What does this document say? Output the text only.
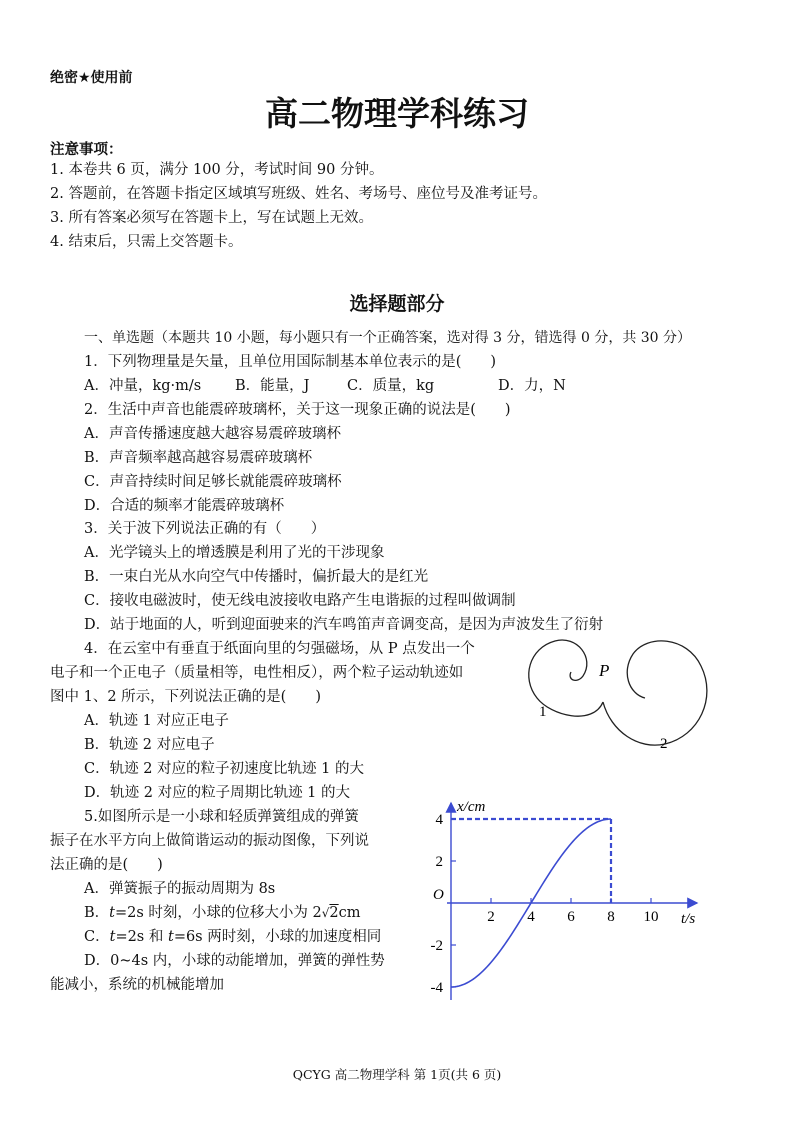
绝密★使用前
高二物理学科练习
注意事项：
1. 本卷共 6 页，满分 100 分，考试时间 90 分钟。
2. 答题前，在答题卡指定区域填写班级、姓名、考场号、座位号及准考证号。
3. 所有答案必须写在答题卡上，写在试题上无效。
4. 结束后，只需上交答题卡。
选择题部分
一、单选题（本题共 10 小题，每小题只有一个正确答案，选对得 3 分，错选得 0 分，共 30 分）
1．下列物理量是矢量，且单位用国际制基本单位表示的是(　　)
A．冲量，kg·m/s B．能量，J	C．质量，kg	D．力，N
2．生活中声音也能震碎玻璃杯，关于这一现象正确的说法是(　　)
A．声音传播速度越大越容易震碎玻璃杯
B．声音频率越高越容易震碎玻璃杯
C．声音持续时间足够长就能震碎玻璃杯
D．合适的频率才能震碎玻璃杯
3．关于波下列说法正确的有（　　）
A．光学镜头上的增透膜是利用了光的干涉现象
B．一束白光从水向空气中传播时，偏折最大的是红光
C．接收电磁波时，使无线电波接收电路产生电谐振的过程叫做调制
D．站于地面的人，听到迎面驶来的汽车鸣笛声音调变高，是因为声波发生了衍射
4．在云室中有垂直于纸面向里的匀强磁场，从 P 点发出一个
电子和一个正电子（质量相等，电性相反），两个粒子运动轨迹如
图中 1、2 所示，下列说法正确的是(　　)
A．轨迹 1 对应正电子
B．轨迹 2 对应电子
C．轨迹 2 对应的粒子初速度比轨迹 1 的大
D．轨迹 2 对应的粒子周期比轨迹 1 的大
P
1
2
5.如图所示是一小球和轻质弹簧组成的弹簧
振子在水平方向上做简谐运动的振动图像，下列说
法正确的是(　　)
A．弹簧振子的振动周期为 8s
B．t=2s 时刻，小球的位移大小为 2√2cm
C．t=2s 和 t=6s 两时刻，小球的加速度相同
D．0~4s 内，小球的动能增加，弹簧的弹性势
能减小，系统的机械能增加
x/cm
t/s
O
2 4 6 8 10
4
2
-2
-4
QCYG 高二物理学科 第 1页(共 6 页)
